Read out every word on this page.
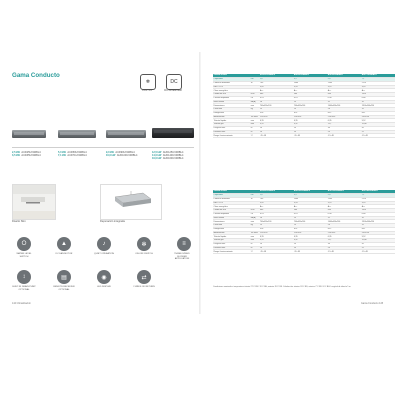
Gama Conducto
❄
COP 3.6
DC
DC INVERTER
2,5 kW AUD25UX4RBL4
3,5 kW AUD35UX4RBL4
5,0 kW AUD50UX4RBL4
7,1 kW AUD71UX4RBL4
9,0 kW AUD90UX4RBL4
10,0 kW AUD100UX4RBL4
12,5 kW AUD125UX4RBL4
14,0 kW AUD140UX4RBL4
16,0 kW AUD160UX4RBL4
Diseño Slim	Depuración integrada
⭘
WATER LEVEL SWITCH
▲
DC FAN MOTOR
♪
QUIET OPERATION
✻
ON-OFF SWITCH
≡
THREE SPEED BLOWER APPLICATION
↕
BUILT-IN DRAIN PUMP OPTIONAL
▤
REMOTE RECEIVER OPTIONAL
◉
LED DISPLAY
⇄
2 WAYS OF RETURN
144 Climatización
Unidad interior		AUD25UX4RBL4	AUD35UX4RBL4	AUD50UX4RBL4	AUD71UX4RBL4
Capacidad	kW	2,6	3,5	5,0	7,1
Potencia absorbida	W	760	1080	1540	2120
EER / COP		3,42	3,24	3,25	3,35
Clase energética		A++	A++	A++	A++
Caudal de aire	m³/h	480	580	850	1200
Presión disponible	Pa	0-25	0-25	0-50	0-80
Nivel sonoro	dB(A)	28	29	32	35
Dimensiones	mm	700x450x200	700x450x200	1000x450x200	1200x500x250
Peso neto	kg	19	19	24	31
Refrigerante		R32	R32	R32	R32
Alimentación	V/Ph/Hz	220/1/50	220/1/50	220/1/50	220/1/50
Tubería líquido	mm	6,35	6,35	6,35	9,52
Tubería gas	mm	9,52	9,52	12,7	15,88
Longitud máx.	m	20	20	30	50
Desnivel máx.	m	10	10	20	25
Rango funcionamiento	°C	-15~48	-15~48	-15~48	-15~48
Unidad interior		AUD90UX4RBL4	AUD100UX4RBL4	AUD125UX4RBL4	AUD140UX4RBL4
Capacidad	kW	2,6	3,5	5,0	7,1
Potencia absorbida	W	760	1080	1540	2120
EER / COP		3,42	3,24	3,25	3,35
Clase energética		A++	A++	A++	A++
Caudal de aire	m³/h	480	580	850	1200
Presión disponible	Pa	0-25	0-25	0-50	0-80
Nivel sonoro	dB(A)	28	29	32	35
Dimensiones	mm	700x450x200	700x450x200	1000x450x200	1200x500x250
Peso neto	kg	19	19	24	31
Refrigerante		R32	R32	R32	R32
Alimentación	V/Ph/Hz	220/1/50	220/1/50	220/1/50	220/1/50
Tubería líquido	mm	6,35	6,35	6,35	9,52
Tubería gas	mm	9,52	9,52	12,7	15,88
Longitud máx.	m	20	20	30	50
Desnivel máx.	m	10	10	20	25
Rango funcionamiento	°C	-15~48	-15~48	-15~48	-15~48
Condiciones nominales: temperatura interior 27°C BS / 19°C BH, exterior 35°C BS. Calefacción: interior 20°C BS, exterior 7°C BS / 6°C BH. Longitud de tubería 5 m.
Gama Conducto 145
